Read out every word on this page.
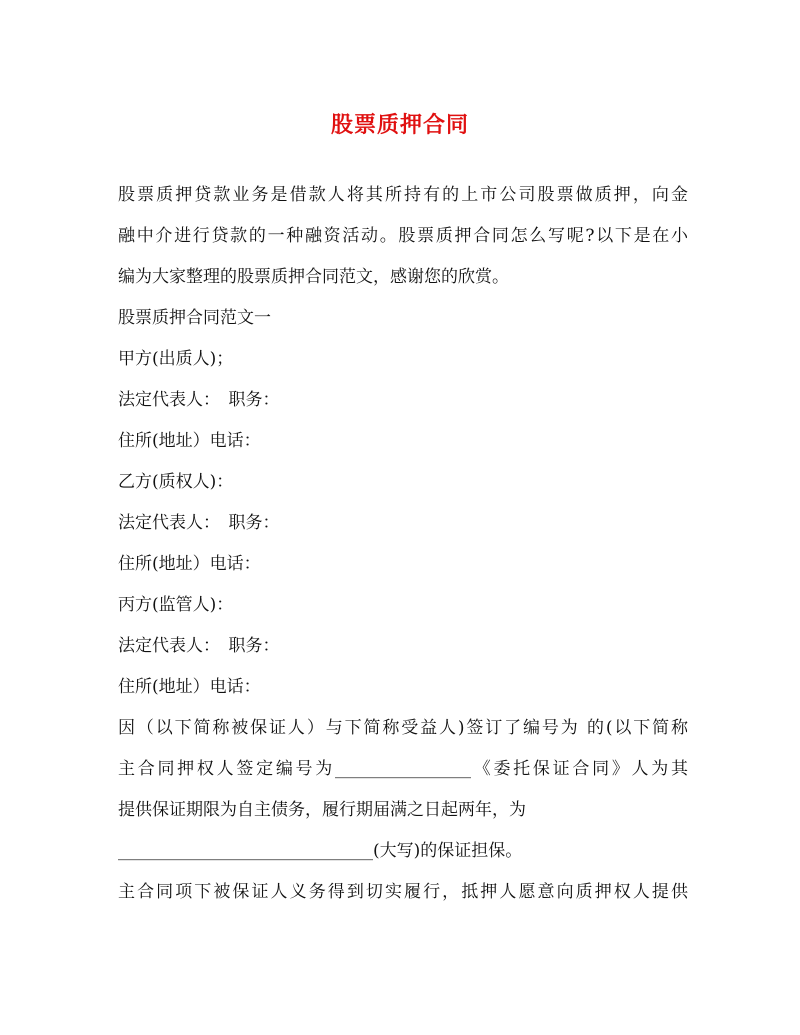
股票质押合同
股票质押贷款业务是借款人将其所持有的上市公司股票做质押，向金
融中介进行贷款的一种融资活动。股票质押合同怎么写呢?以下是在小
编为大家整理的股票质押合同范文，感谢您的欣赏。
股票质押合同范文一
甲方(出质人)；
法定代表人：　职务：
住所(地址）电话：
乙方(质权人)：
法定代表人：　职务：
住所(地址）电话：
丙方(监管人)：
法定代表人：　职务：
住所(地址）电话：
因（以下简称被保证人）与下简称受益人)签订了编号为 的(以下简称
主合同押权人签定编号为________________《委托保证合同》人为其
提供保证期限为自主债务，履行期届满之日起两年，为
______________________________(大写)的保证担保。
主合同项下被保证人义务得到切实履行，抵押人愿意向质押权人提供
